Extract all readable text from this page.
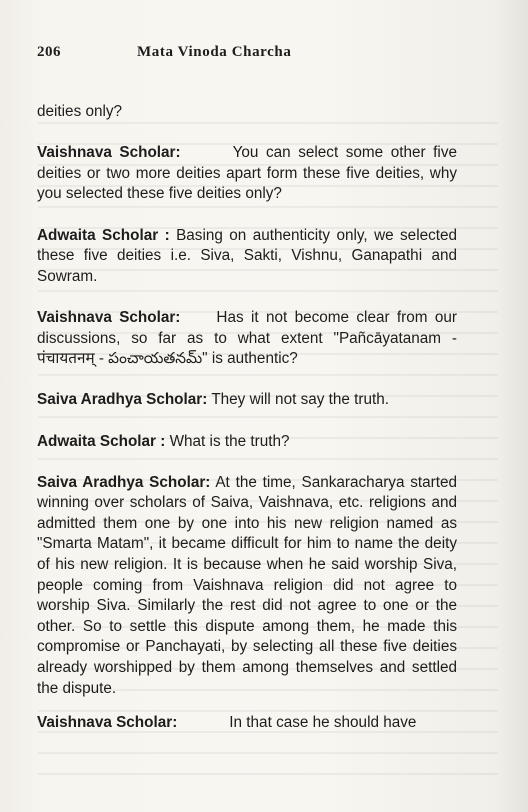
206	Mata Vinoda Charcha

deities only?

Vaishnava Scholar:	You can select some other five deities or two more deities apart form these five deities, why you selected these five deities only?

Adwaita Scholar : Basing on authenticity only, we selected these five deities i.e. Siva, Sakti, Vishnu, Ganapathi and Sowram.

Vaishnava Scholar: Has it not become clear from our discussions, so far as to what extent "Pañcāyatanam - पंचायतनम् - పంచాయతనమ్" is authentic?

Saiva Aradhya Scholar: They will not say the truth.

Adwaita Scholar : What is the truth?

Saiva Aradhya Scholar: At the time, Sankaracharya started winning over scholars of Saiva, Vaishnava, etc. religions and admitted them one by one into his new religion named as "Smarta Matam", it became difficult for him to name the deity of his new religion. It is because when he said worship Siva, people coming from Vaishnava religion did not agree to worship Siva. Similarly the rest did not agree to one or the other. So to settle this dispute among them, he made this compromise or Panchayati, by selecting all these five deities already worshipped by them among themselves and settled the dispute.

Vaishnava Scholar:	In that case he should have
